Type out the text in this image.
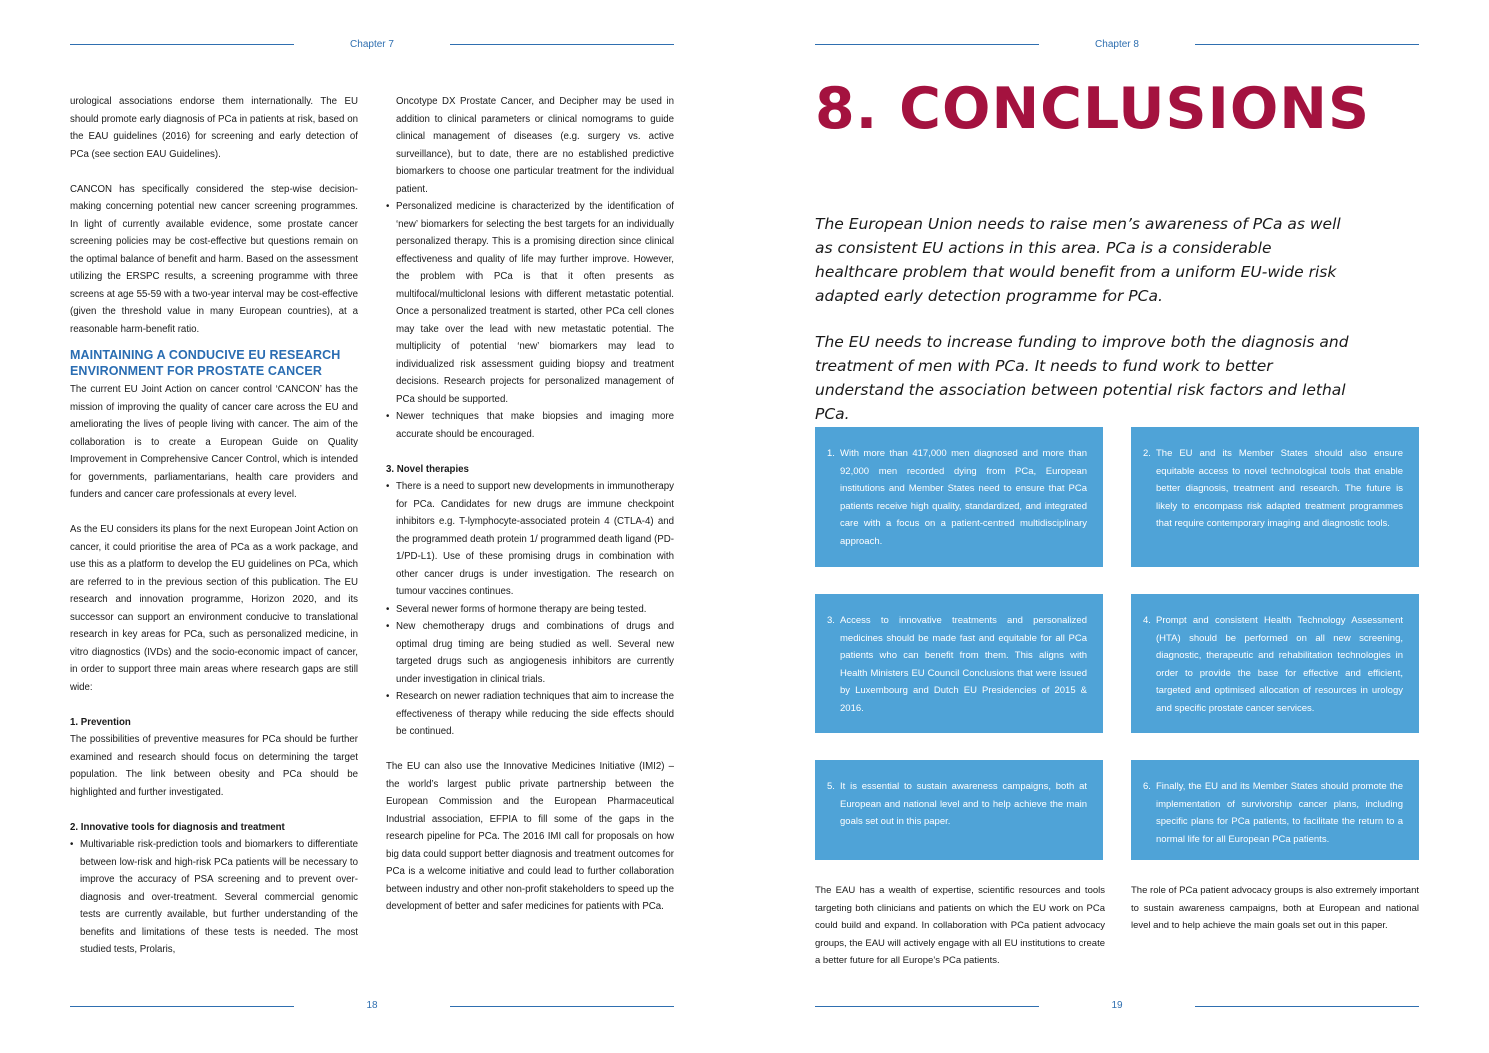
Chapter 7

urological associations endorse them internationally. The EU should promote early diagnosis of PCa in patients at risk, based on the EAU guidelines (2016) for screening and early detection of PCa (see section EAU Guidelines).

CANCON has specifically considered the step-wise decision-making concerning potential new cancer screening programmes. In light of currently available evidence, some prostate cancer screening policies may be cost-effective but questions remain on the optimal balance of benefit and harm. Based on the assessment utilizing the ERSPC results, a screening programme with three screens at age 55-59 with a two-year interval may be cost-effective (given the threshold value in many European countries), at a reasonable harm-benefit ratio.

MAINTAINING A CONDUCIVE EU RESEARCH
ENVIRONMENT FOR PROSTATE CANCER

The current EU Joint Action on cancer control ‘CANCON’ has the mission of improving the quality of cancer care across the EU and ameliorating the lives of people living with cancer. The aim of the collaboration is to create a European Guide on Quality Improvement in Comprehensive Cancer Control, which is intended for governments, parliamentarians, health care providers and funders and cancer care professionals at every level.

As the EU considers its plans for the next European Joint Action on cancer, it could prioritise the area of PCa as a work package, and use this as a platform to develop the EU guidelines on PCa, which are referred to in the previous section of this publication. The EU research and innovation programme, Horizon 2020, and its successor can support an environment conducive to translational research in key areas for PCa, such as personalized medicine, in vitro diagnostics (IVDs) and the socio-economic impact of cancer, in order to support three main areas where research gaps are still wide:

1. Prevention

The possibilities of preventive measures for PCa should be further examined and research should focus on determining the target population. The link between obesity and PCa should be highlighted and further investigated.

2. Innovative tools for diagnosis and treatment
• Multivariable risk-prediction tools and biomarkers to differentiate between low-risk and high-risk PCa patients will be necessary to improve the accuracy of PSA screening and to prevent over-diagnosis and over-treatment. Several commercial genomic tests are currently available, but further understanding of the benefits and limitations of these tests is needed. The most studied tests, Prolaris,

Oncotype DX Prostate Cancer, and Decipher may be used in addition to clinical parameters or clinical nomograms to guide clinical management of diseases (e.g. surgery vs. active surveillance), but to date, there are no established predictive biomarkers to choose one particular treatment for the individual patient.

• Personalized medicine is characterized by the identification of ‘new’ biomarkers for selecting the best targets for an individually personalized therapy. This is a promising direction since clinical effectiveness and quality of life may further improve. However, the problem with PCa is that it often presents as multifocal/multiclonal lesions with different metastatic potential. Once a personalized treatment is started, other PCa cell clones may take over the lead with new metastatic potential. The multiplicity of potential ‘new’ biomarkers may lead to individualized risk assessment guiding biopsy and treatment decisions. Research projects for personalized management of PCa should be supported.
• Newer techniques that make biopsies and imaging more accurate should be encouraged.
3. Novel therapies
• There is a need to support new developments in immunotherapy for PCa. Candidates for new drugs are immune checkpoint inhibitors e.g. T-lymphocyte-associated protein 4 (CTLA-4) and the programmed death protein 1/ programmed death ligand (PD-1/PD-L1). Use of these promising drugs in combination with other cancer drugs is under investigation. The research on tumour vaccines continues.
• Several newer forms of hormone therapy are being tested.
• New chemotherapy drugs and combinations of drugs and optimal drug timing are being studied as well. Several new targeted drugs such as angiogenesis inhibitors are currently under investigation in clinical trials.
• Research on newer radiation techniques that aim to increase the effectiveness of therapy while reducing the side effects should be continued.

The EU can also use the Innovative Medicines Initiative (IMI2) – the world’s largest public private partnership between the European Commission and the European Pharmaceutical Industrial association, EFPIA to fill some of the gaps in the research pipeline for PCa. The 2016 IMI call for proposals on how big data could support better diagnosis and treatment outcomes for PCa is a welcome initiative and could lead to further collaboration between industry and other non-profit stakeholders to speed up the development of better and safer medicines for patients with PCa.

18
Chapter 8
8. CONCLUSIONS
The European Union needs to raise men’s awareness of PCa as well as consistent EU actions in this area. PCa is a considerable healthcare problem that would benefit from a uniform EU-wide risk adapted early detection programme for PCa.
The EU needs to increase funding to improve both the diagnosis and treatment of men with PCa. It needs to fund work to better understand the association between potential risk factors and lethal PCa.
1. With more than 417,000 men diagnosed and more than 92,000 men recorded dying from PCa, European institutions and Member States need to ensure that PCa patients receive high quality, standardized, and integrated care with a focus on a patient-centred multidisciplinary approach.
2. The EU and its Member States should also ensure equitable access to novel technological tools that enable better diagnosis, treatment and research. The future is likely to encompass risk adapted treatment programmes that require contemporary imaging and diagnostic tools.
3. Access to innovative treatments and personalized medicines should be made fast and equitable for all PCa patients who can benefit from them. This aligns with Health Ministers EU Council Conclusions that were issued by Luxembourg and Dutch EU Presidencies of 2015 & 2016.
4. Prompt and consistent Health Technology Assessment (HTA) should be performed on all new screening, diagnostic, therapeutic and rehabilitation technologies in order to provide the base for effective and efficient, targeted and optimised allocation of resources in urology and specific prostate cancer services.
5. It is essential to sustain awareness campaigns, both at European and national level and to help achieve the main goals set out in this paper.
6. Finally, the EU and its Member States should promote the implementation of survivorship cancer plans, including specific plans for PCa patients, to facilitate the return to a normal life for all European PCa patients.
The EAU has a wealth of expertise, scientific resources and tools targeting both clinicians and patients on which the EU work on PCa could build and expand. In collaboration with PCa patient advocacy groups, the EAU will actively engage with all EU institutions to create a better future for all Europe’s PCa patients.
The role of PCa patient advocacy groups is also extremely important to sustain awareness campaigns, both at European and national level and to help achieve the main goals set out in this paper.
19
